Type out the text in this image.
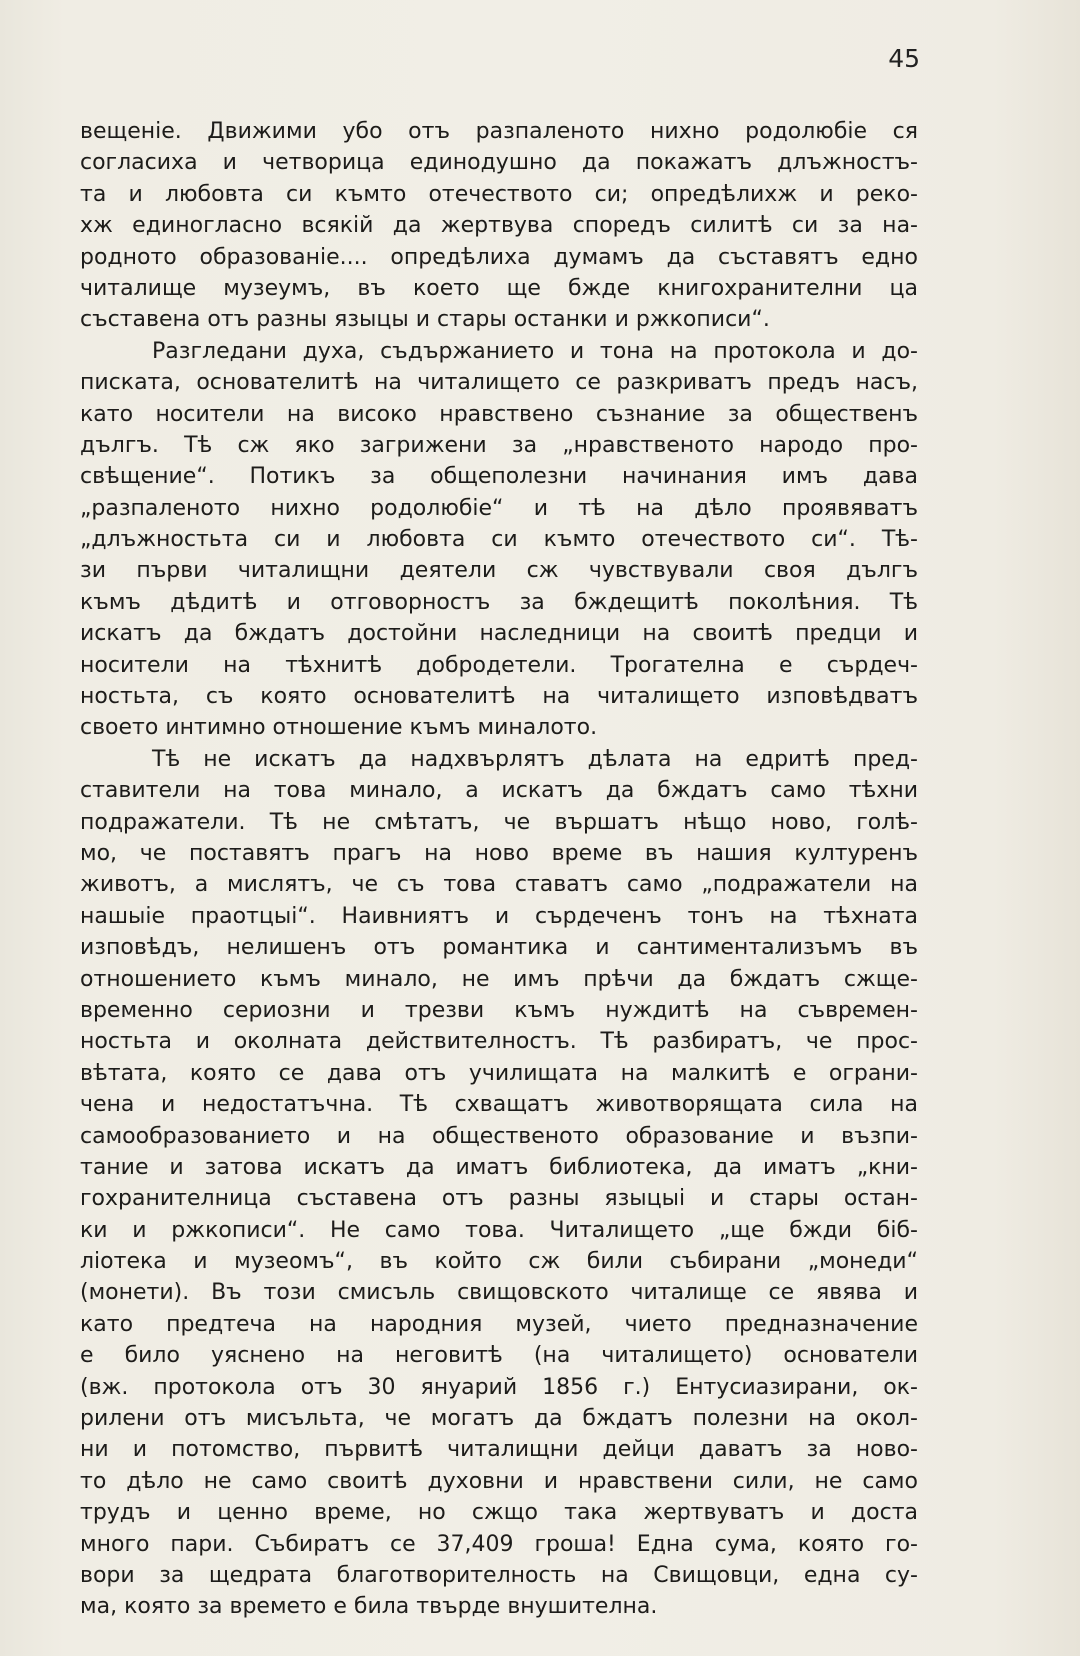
45
вещенiе. Движими убо отъ разпаленото нихно родолюбiе ся
согласиха и четворица единодушно да покажатъ длъжностъ-
та и любовта си къмто отечеството си; опредѣлихж и реко-
хж единогласно всякiй да жертвува споредъ силитѣ си за на-
родното образованiе.... опредѣлиха думамъ да съставятъ едно
читалище музеумъ, въ което ще бжде книгохранителни ца
съставена отъ разны языцы и стары останки и ржкописи“.
Разгледани духа, съдържанието и тона на протокола и до-
писката, основателитѣ на читалището се разкриватъ предъ насъ,
като носители на високо нравствено съзнание за общественъ
дългъ. Тѣ сж яко загрижени за „нравственото народо про-
свѣщение“. Потикъ за общеполезни начинания имъ дава
„разпаленото нихно родолюбiе“ и тѣ на дѣло проявяватъ
„длъжностьта си и любовта си къмто отечеството си“. Тѣ-
зи първи читалищни деятели сж чувствували своя дългъ
къмъ дѣдитѣ и отговорностъ за бждещитѣ поколѣния. Тѣ
искатъ да бждатъ достойни наследници на своитѣ предци и
носители на тѣхнитѣ добродетели. Трогателна е сърдеч-
ностьта, съ която основателитѣ на читалището изповѣдватъ
своето интимно отношение къмъ миналото.
Тѣ не искатъ да надхвърлятъ дѣлата на едритѣ пред-
ставители на това минало, а искатъ да бждатъ само тѣхни
подражатели. Тѣ не смѣтатъ, че вършатъ нѣщо ново, голѣ-
мо, че поставятъ прагъ на ново време въ нашия културенъ
животъ, а мислятъ, че съ това ставатъ само „подражатели на
нашыiе праотцыi“. Наивниятъ и сърдеченъ тонъ на тѣхната
изповѣдъ, нелишенъ отъ романтика и сантиментализъмъ въ
отношението къмъ минало, не имъ прѣчи да бждатъ сжще-
временно сериозни и трезви къмъ нуждитѣ на съвремен-
ностьта и околната действителностъ. Тѣ разбиратъ, че прос-
вѣтата, която се дава отъ училищата на малкитѣ е ограни-
чена и недостатъчна. Тѣ схващатъ животворящата сила на
самообразованието и на общественото образование и възпи-
тание и затова искатъ да иматъ библиотека, да иматъ „кни-
гохранителница съставена отъ разны языцыi и стары остан-
ки и ржкописи“. Не само това. Читалището „ще бжди бiб-
лiотека и музеомъ“, въ който сж били събирани „монеди“
(монети). Въ този смисъль свищовското читалище се явява и
като предтеча на народния музей, чието предназначение
е било уяснено на неговитѣ (на читалището) основатели
(вж. протокола отъ 30 януарий 1856 г.) Ентусиазирани, ок-
рилени отъ мисъльта, че могатъ да бждатъ полезни на окол-
ни и потомство, първитѣ читалищни дейци даватъ за ново-
то дѣло не само своитѣ духовни и нравствени сили, не само
трудъ и ценно време, но сжщо така жертвуватъ и доста
много пари. Събиратъ се 37,409 гроша! Една сума, която го-
вори за щедрата благотворителность на Свищовци, една су-
ма, която за времето е била твърде внушителна.
